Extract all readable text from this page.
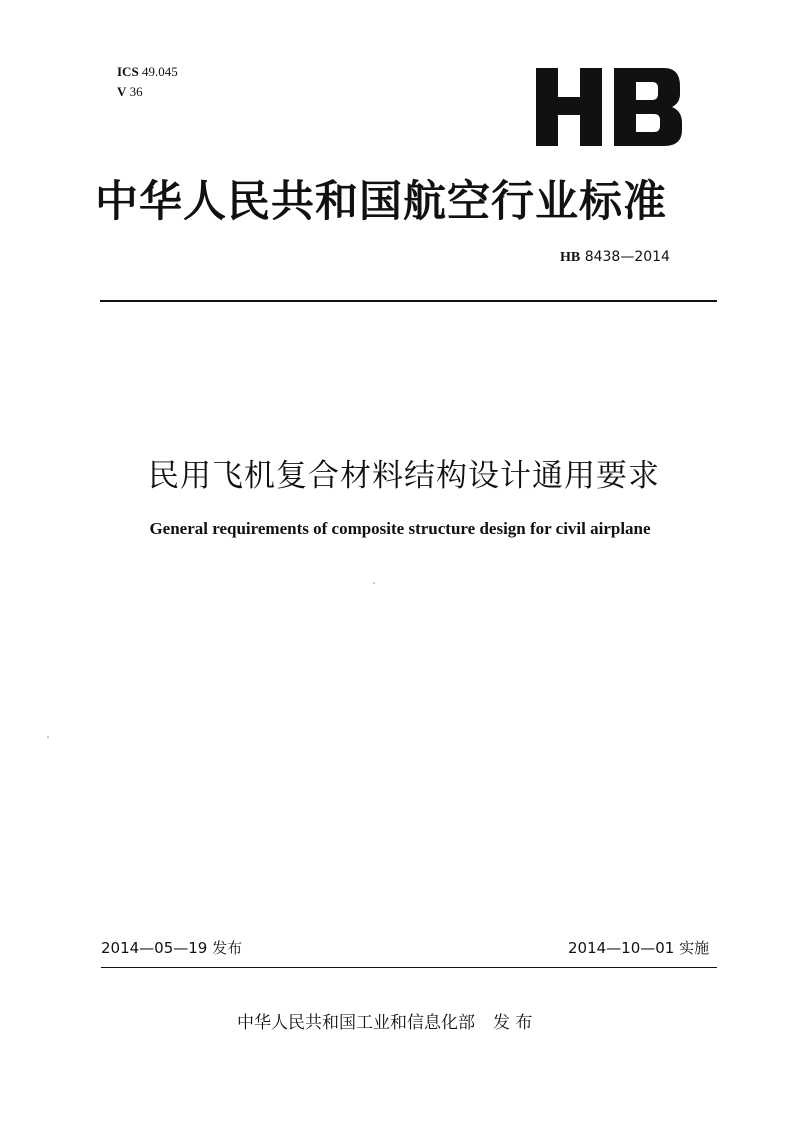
ICS 49.045
V 36
中华人民共和国航空行业标准
HB 8438—2014
民用飞机复合材料结构设计通用要求
General requirements of composite structure design for civil airplane
2014—05—19 发布	2014—10—01 实施
中华人民共和国工业和信息化部 发 布
